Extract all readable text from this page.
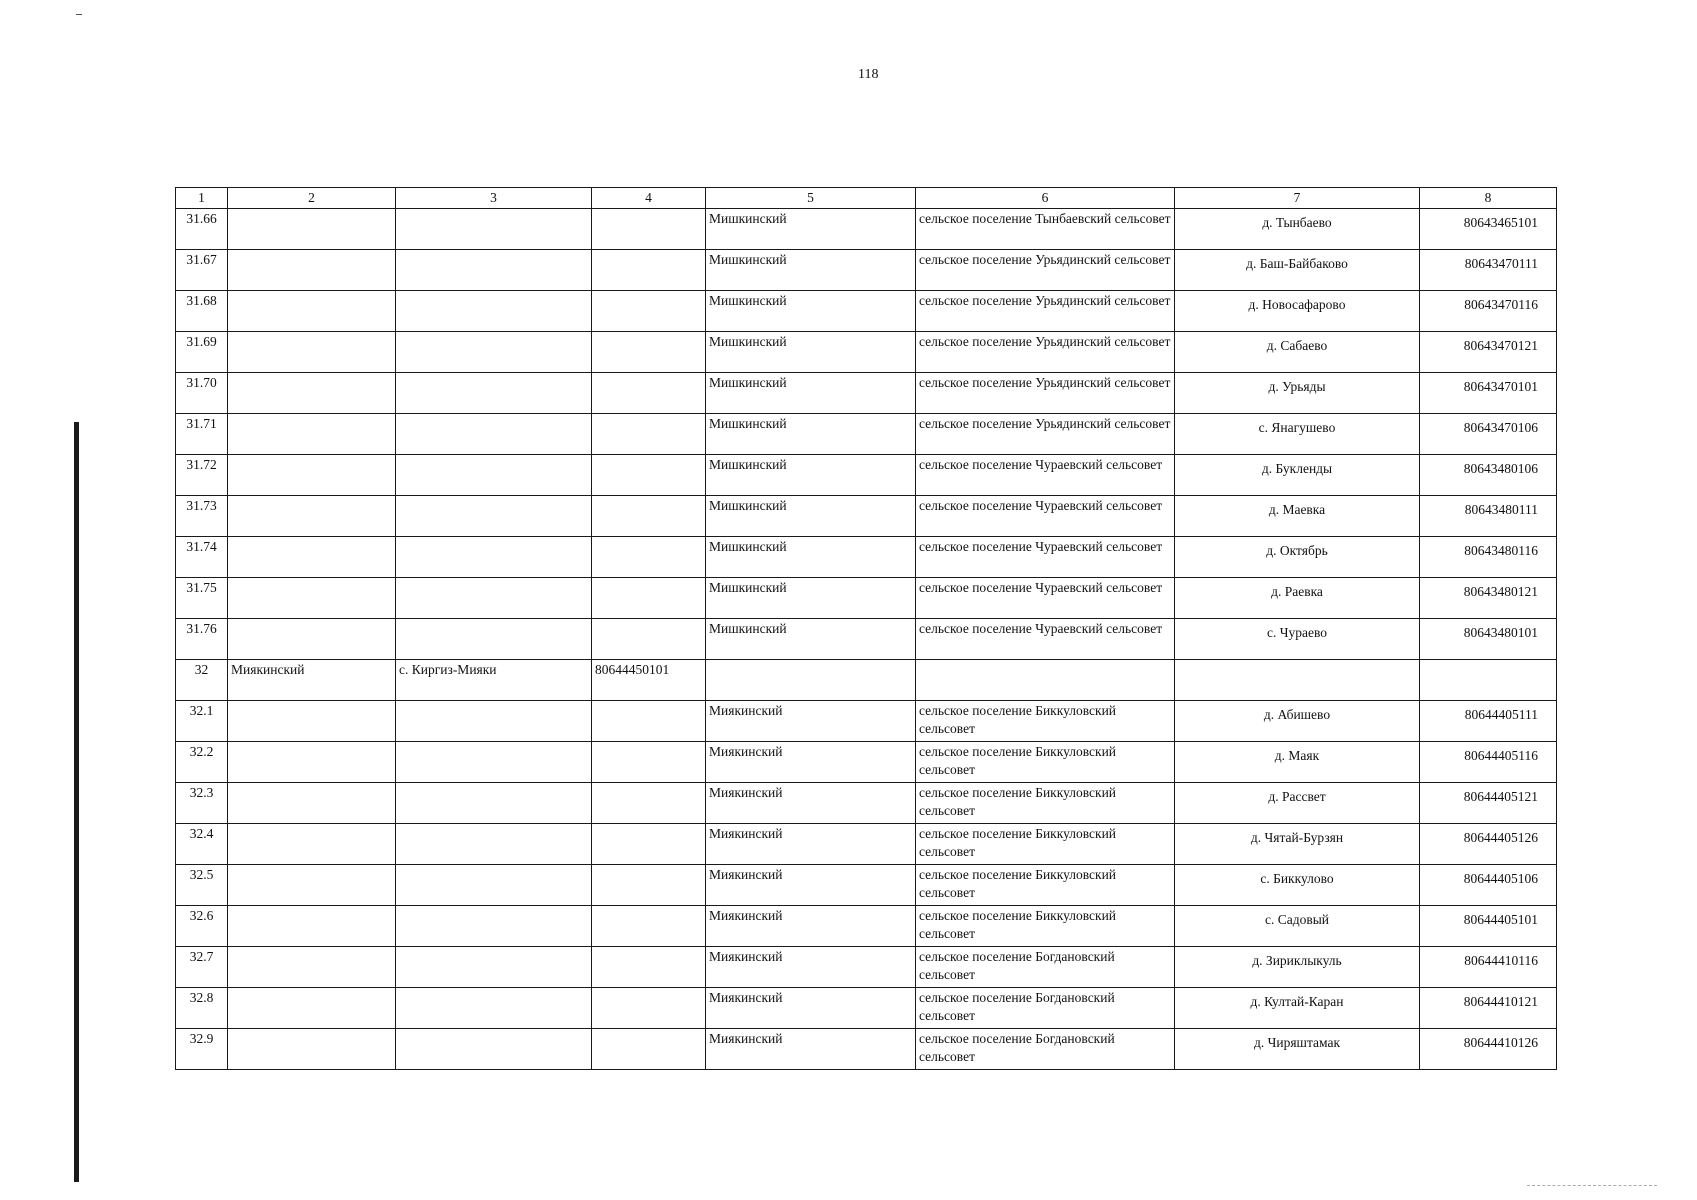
118
1	2	3	4	5	6	7	8
31.66				Мишкинский	сельское поселение Тынбаевский сельсовет	д. Тынбаево	80643465101
31.67				Мишкинский	сельское поселение Урьядинский сельсовет	д. Баш-Байбаково	80643470111
31.68				Мишкинский	сельское поселение Урьядинский сельсовет	д. Новосафарово	80643470116
31.69				Мишкинский	сельское поселение Урьядинский сельсовет	д. Сабаево	80643470121
31.70				Мишкинский	сельское поселение Урьядинский сельсовет	д. Урьяды	80643470101
31.71				Мишкинский	сельское поселение Урьядинский сельсовет	с. Янагушево	80643470106
31.72				Мишкинский	сельское поселение Чураевский сельсовет	д. Букленды	80643480106
31.73				Мишкинский	сельское поселение Чураевский сельсовет	д. Маевка	80643480111
31.74				Мишкинский	сельское поселение Чураевский сельсовет	д. Октябрь	80643480116
31.75				Мишкинский	сельское поселение Чураевский сельсовет	д. Раевка	80643480121
31.76				Мишкинский	сельское поселение Чураевский сельсовет	с. Чураево	80643480101
32	Миякинский	с. Киргиз-Мияки	80644450101				
32.1				Миякинский	сельское поселение Биккуловский сельсовет	д. Абишево	80644405111
32.2				Миякинский	сельское поселение Биккуловский сельсовет	д. Маяк	80644405116
32.3				Миякинский	сельское поселение Биккуловский сельсовет	д. Рассвет	80644405121
32.4				Миякинский	сельское поселение Биккуловский сельсовет	д. Чятай-Бурзян	80644405126
32.5				Миякинский	сельское поселение Биккуловский сельсовет	с. Биккулово	80644405106
32.6				Миякинский	сельское поселение Биккуловский сельсовет	с. Садовый	80644405101
32.7				Миякинский	сельское поселение Богдановский сельсовет	д. Зириклыкуль	80644410116
32.8				Миякинский	сельское поселение Богдановский сельсовет	д. Култай-Каран	80644410121
32.9				Миякинский	сельское поселение Богдановский сельсовет	д. Чиряштамак	80644410126
